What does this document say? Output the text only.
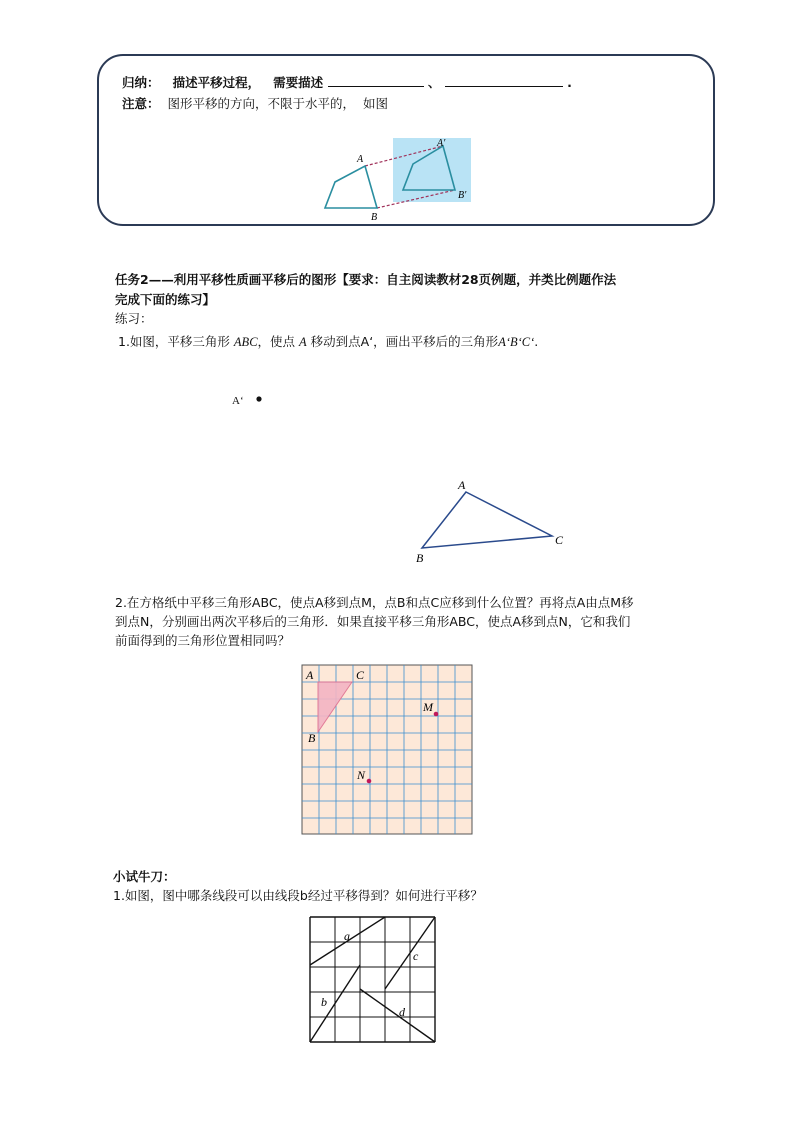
归纳： 描述平移过程， 需要描述	、	.
注意： 图形平移的方向，不限于水平的， 如图
A
B
A′
B′
任务2——利用平移性质画平移后的图形【要求：自主阅读教材28页例题，并类比例题作法
完成下面的练习】
练习：
1.如图，平移三角形 ABC，使点 A 移动到点A‘，画出平移后的三角形A‘B‘C‘.
A‘
A
B
C
2.在方格纸中平移三角形ABC，使点A移到点M，点B和点C应移到什么位置？再将点A由点M移
到点N，分别画出两次平移后的三角形．如果直接平移三角形ABC，使点A移到点N，它和我们
前面得到的三角形位置相同吗？
A	C
B
M
N
小试牛刀：
1.如图，图中哪条线段可以由线段b经过平移得到？如何进行平移？
a
c
b
d
